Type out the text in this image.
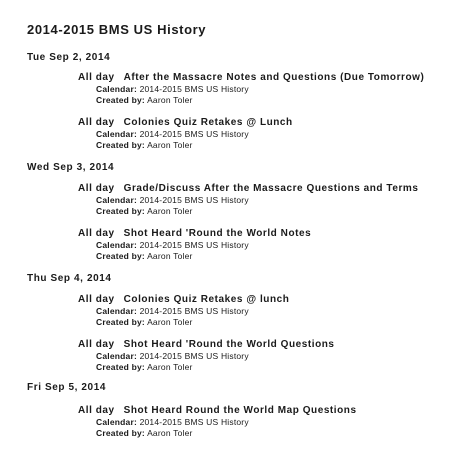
2014-2015 BMS US History
Tue Sep 2, 2014
All day After the Massacre Notes and Questions (Due Tomorrow)
Calendar: 2014-2015 BMS US History
Created by: Aaron Toler
All day Colonies Quiz Retakes @ Lunch
Calendar: 2014-2015 BMS US History
Created by: Aaron Toler
Wed Sep 3, 2014
All day Grade/Discuss After the Massacre Questions and Terms
Calendar: 2014-2015 BMS US History
Created by: Aaron Toler
All day Shot Heard 'Round the World Notes
Calendar: 2014-2015 BMS US History
Created by: Aaron Toler
Thu Sep 4, 2014
All day Colonies Quiz Retakes @ lunch
Calendar: 2014-2015 BMS US History
Created by: Aaron Toler
All day Shot Heard 'Round the World Questions
Calendar: 2014-2015 BMS US History
Created by: Aaron Toler
Fri Sep 5, 2014
All day Shot Heard Round the World Map Questions
Calendar: 2014-2015 BMS US History
Created by: Aaron Toler
